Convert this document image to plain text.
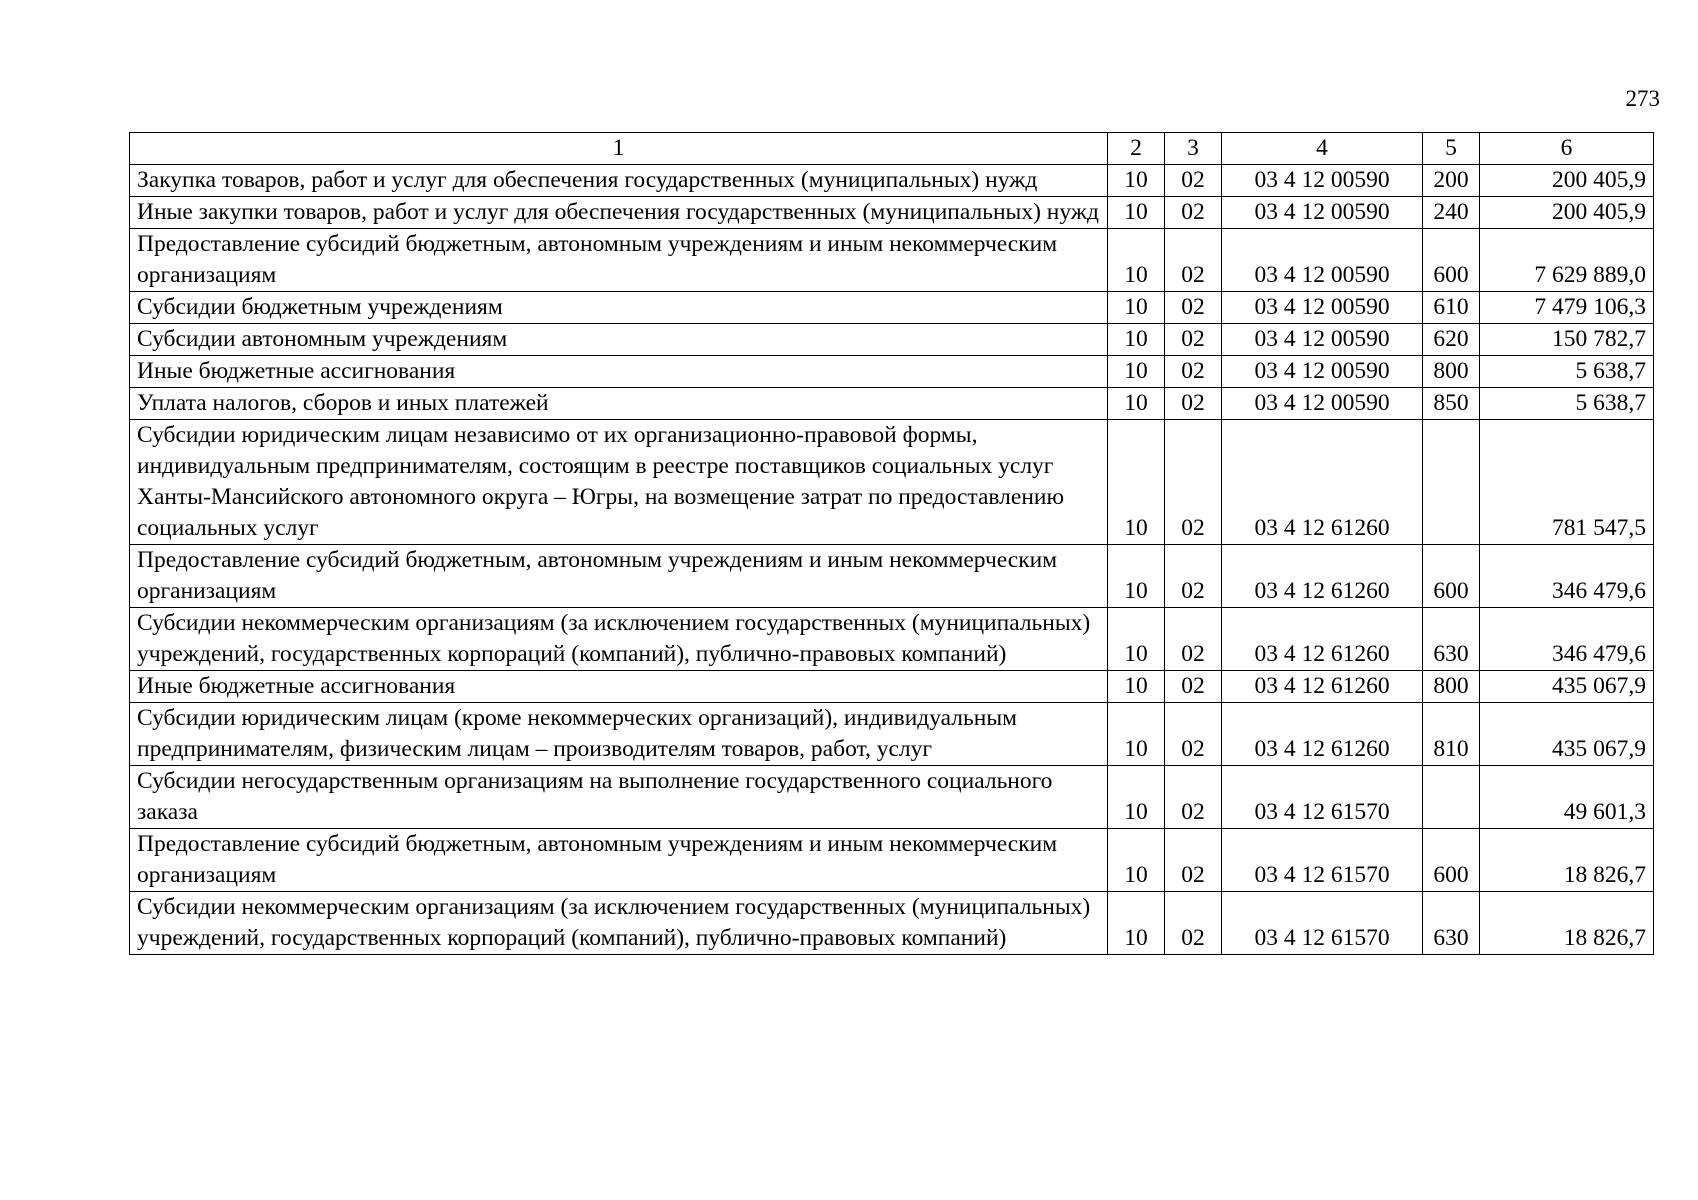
273
1	2	3	4	5	6
Закупка товаров, работ и услуг для обеспечения государственных (муниципальных) нужд	10	02	03 4 12 00590	200	200 405,9
Иные закупки товаров, работ и услуг для обеспечения государственных (муниципальных) нужд	10	02	03 4 12 00590	240	200 405,9
Предоставление субсидий бюджетным, автономным учреждениям и иным некоммерческим организациям	10	02	03 4 12 00590	600	7 629 889,0
Субсидии бюджетным учреждениям	10	02	03 4 12 00590	610	7 479 106,3
Субсидии автономным учреждениям	10	02	03 4 12 00590	620	150 782,7
Иные бюджетные ассигнования	10	02	03 4 12 00590	800	5 638,7
Уплата налогов, сборов и иных платежей	10	02	03 4 12 00590	850	5 638,7
Субсидии юридическим лицам независимо от их организационно-правовой формы, индивидуальным предпринимателям, состоящим в реестре поставщиков социальных услуг Ханты-Мансийского автономного округа – Югры, на возмещение затрат по предоставлению социальных услуг	10	02	03 4 12 61260		781 547,5
Предоставление субсидий бюджетным, автономным учреждениям и иным некоммерческим организациям	10	02	03 4 12 61260	600	346 479,6
Субсидии некоммерческим организациям (за исключением государственных (муниципальных) учреждений, государственных корпораций (компаний), публично-правовых компаний)	10	02	03 4 12 61260	630	346 479,6
Иные бюджетные ассигнования	10	02	03 4 12 61260	800	435 067,9
Субсидии юридическим лицам (кроме некоммерческих организаций), индивидуальным предпринимателям, физическим лицам – производителям товаров, работ, услуг	10	02	03 4 12 61260	810	435 067,9
Субсидии негосударственным организациям на выполнение государственного социального заказа	10	02	03 4 12 61570		49 601,3
Предоставление субсидий бюджетным, автономным учреждениям и иным некоммерческим организациям	10	02	03 4 12 61570	600	18 826,7
Субсидии некоммерческим организациям (за исключением государственных (муниципальных) учреждений, государственных корпораций (компаний), публично-правовых компаний)	10	02	03 4 12 61570	630	18 826,7
